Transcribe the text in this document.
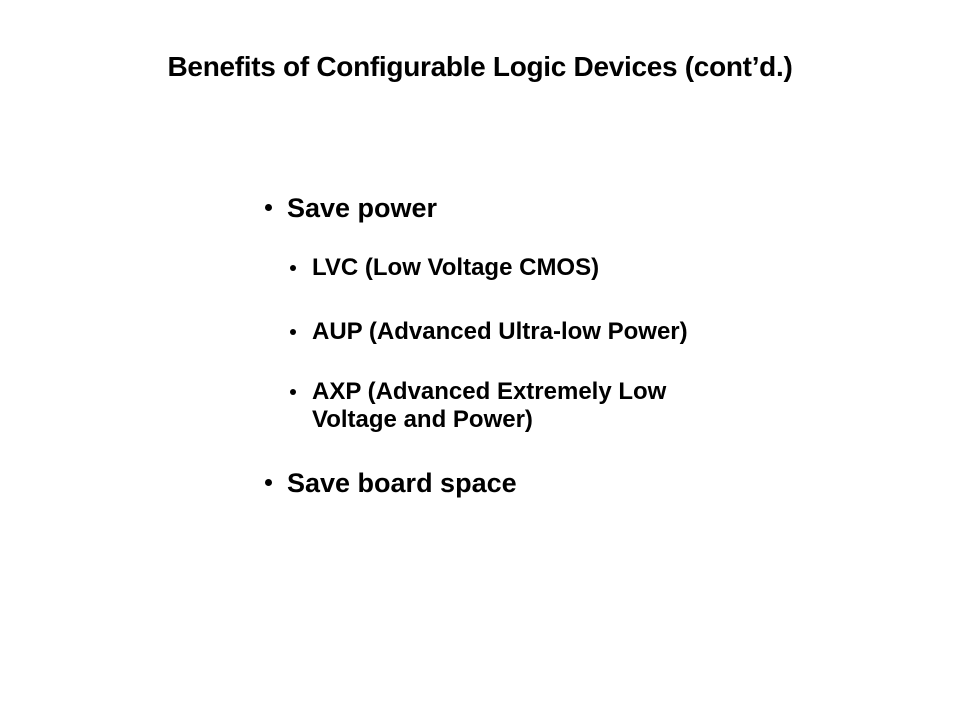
Benefits of Configurable Logic Devices (cont’d.)
Save power
LVC (Low Voltage CMOS)
AUP (Advanced Ultra-low Power)
AXP (Advanced Extremely Low
Voltage and Power)
Save board space
